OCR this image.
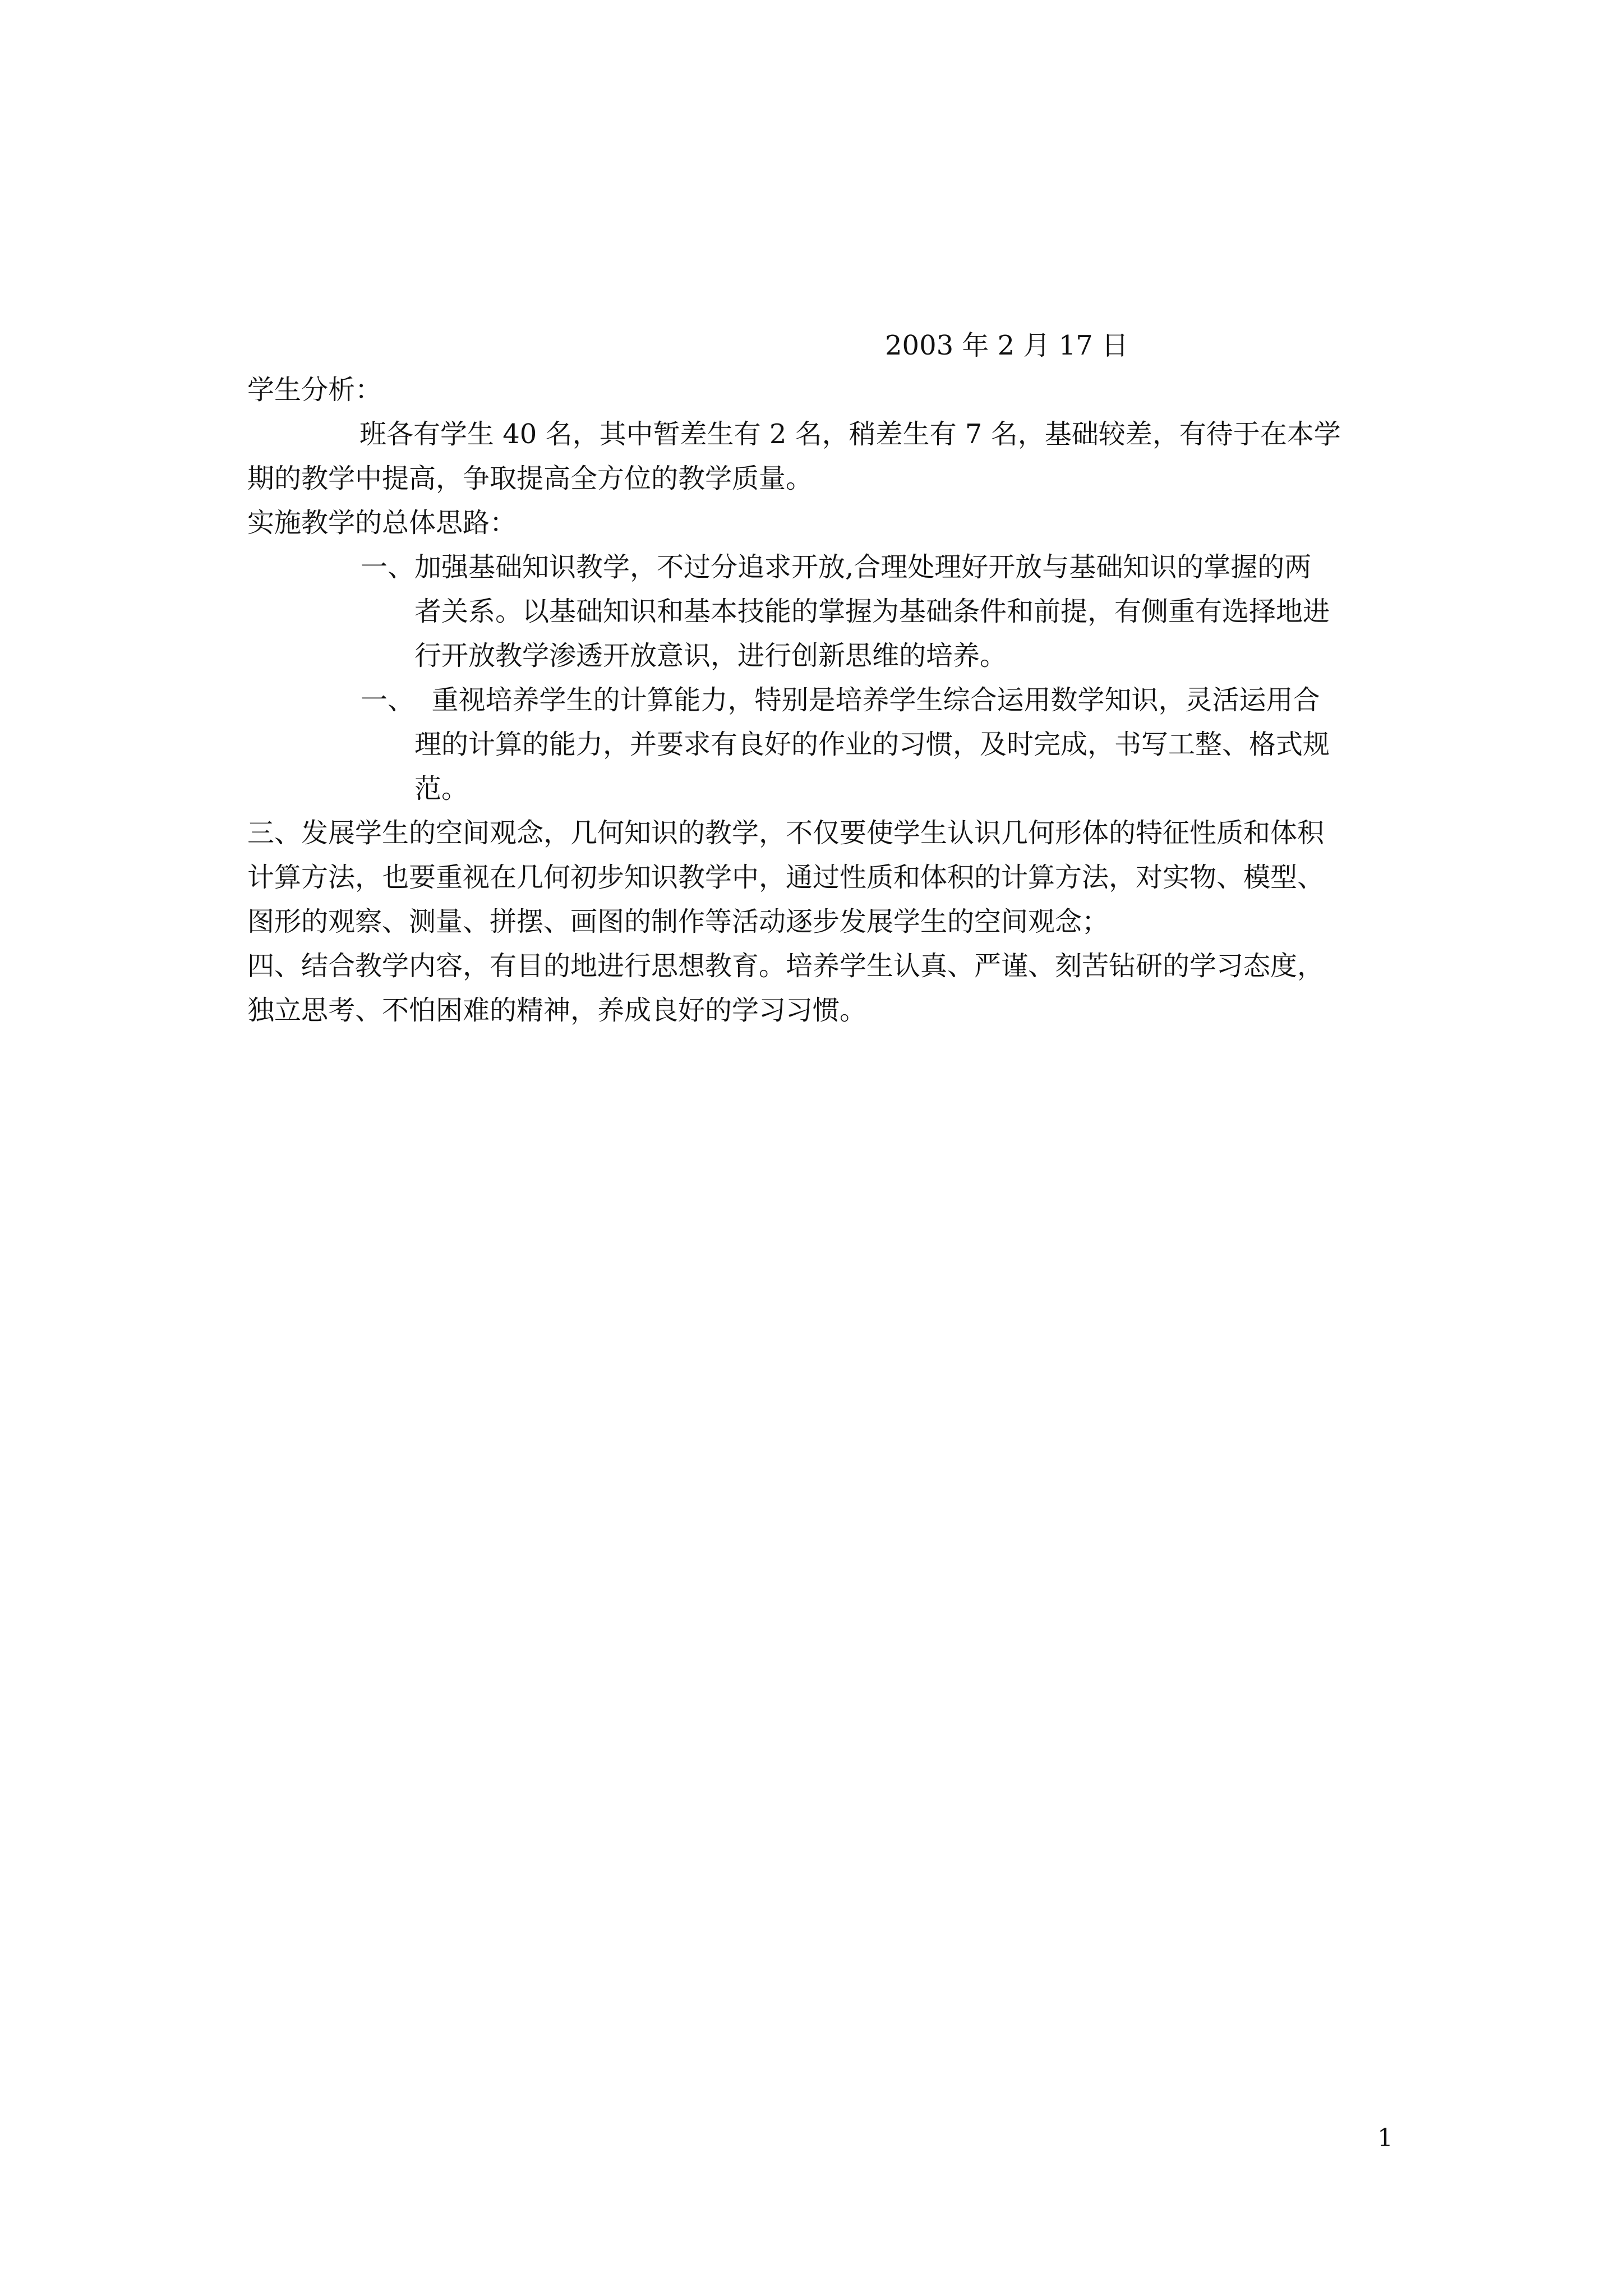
2003 年 2 月 17 日
学生分析：
班各有学生 40 名，其中暂差生有 2 名，稍差生有 7 名，基础较差，有待于在本学
期的教学中提高，争取提高全方位的教学质量。
实施教学的总体思路：
一、加强基础知识教学，不过分追求开放,合理处理好开放与基础知识的掌握的两
者关系。以基础知识和基本技能的掌握为基础条件和前提，有侧重有选择地进
行开放教学渗透开放意识，进行创新思维的培养。
一、  重视培养学生的计算能力，特别是培养学生综合运用数学知识，灵活运用合
理的计算的能力，并要求有良好的作业的习惯，及时完成，书写工整、格式规
范。
三、发展学生的空间观念，几何知识的教学，不仅要使学生认识几何形体的特征性质和体积
计算方法，也要重视在几何初步知识教学中，通过性质和体积的计算方法，对实物、模型、
图形的观察、测量、拼摆、画图的制作等活动逐步发展学生的空间观念；
四、结合教学内容，有目的地进行思想教育。培养学生认真、严谨、刻苦钻研的学习态度，
独立思考、不怕困难的精神，养成良好的学习习惯。
1
